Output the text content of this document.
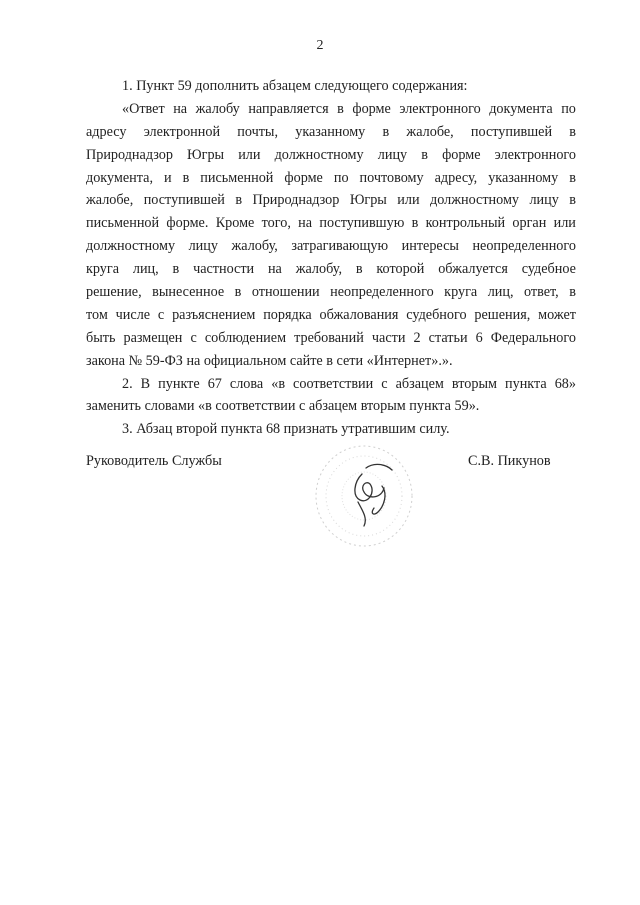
2
1. Пункт 59 дополнить абзацем следующего содержания:
«Ответ на жалобу направляется в форме электронного документа по
адресу электронной почты, указанному в жалобе, поступившей в
Природнадзор Югры или должностному лицу в форме электронного
документа, и в письменной форме по почтовому адресу, указанному в
жалобе, поступившей в Природнадзор Югры или должностному лицу в
письменной форме. Кроме того, на поступившую в контрольный орган или
должностному лицу жалобу, затрагивающую интересы неопределенного
круга лиц, в частности на жалобу, в которой обжалуется судебное
решение, вынесенное в отношении неопределенного круга лиц, ответ, в
том числе с разъяснением порядка обжалования судебного решения, может
быть размещен с соблюдением требований части 2 статьи 6 Федерального
закона № 59-ФЗ на официальном сайте в сети «Интернет».».
2. В пункте 67 слова «в соответствии с абзацем вторым пункта 68»
заменить словами «в соответствии с абзацем вторым пункта 59».
3. Абзац второй пункта 68 признать утратившим силу.
Руководитель Службы	С.В. Пикунов
